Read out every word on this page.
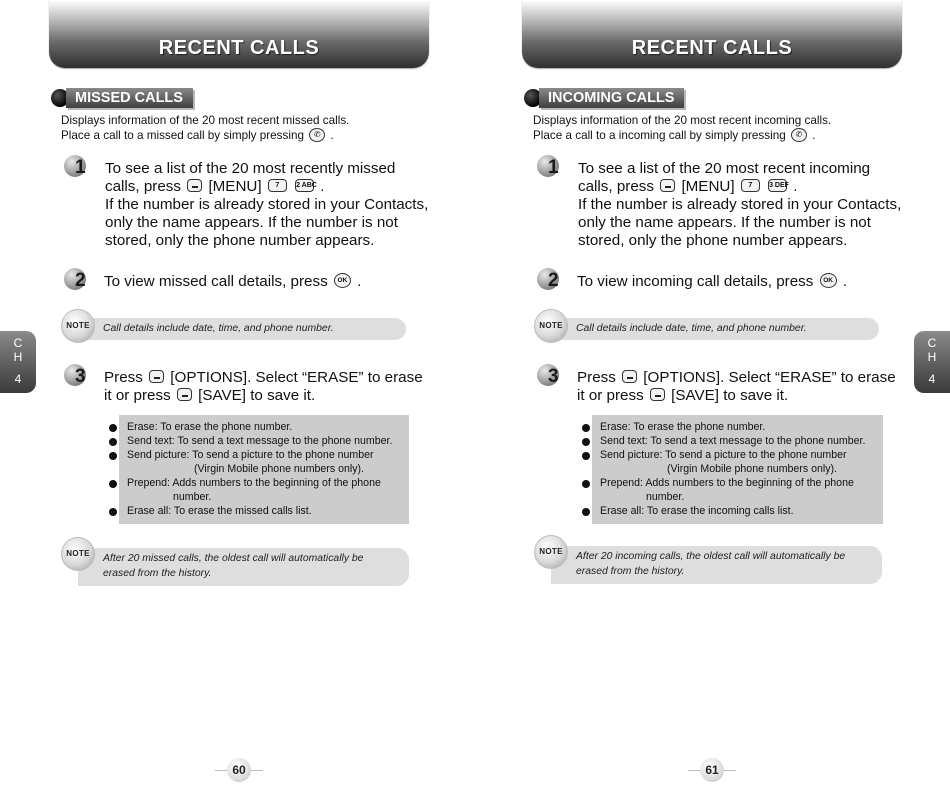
RECENT CALLS
MISSED CALLS
Displays information of the 20 most recent missed calls.
Place a call to a missed call by simply pressing ✆ .
1 To see a list of the 20 most recently missed
calls, press [MENU] 7 2 ABC .
If the number is already stored in your Contacts,
only the name appears. If the number is not
stored, only the phone number appears.
2 To view missed call details, press OK .
Call details include date, time, and phone number.
NOTE
3 Press [OPTIONS]. Select “ERASE” to erase
it or press [SAVE] to save it.
Erase: To erase the phone number.
Send text: To send a text message to the phone number.
Send picture: To send a picture to the phone number
(Virgin Mobile phone numbers only).
Prepend: Adds numbers to the beginning of the phone
number.
Erase all: To erase the missed calls list.
After 20 missed calls, the oldest call will automatically be
erased from the history.
NOTE
60
RECENT CALLS
INCOMING CALLS
Displays information of the 20 most recent incoming calls.
Place a call to a incoming call by simply pressing ✆ .
1 To see a list of the 20 most recent incoming
calls, press [MENU] 7 3 DEF .
If the number is already stored in your Contacts,
only the name appears. If the number is not
stored, only the phone number appears.
2 To view incoming call details, press OK .
Call details include date, time, and phone number.
NOTE
3 Press [OPTIONS]. Select “ERASE” to erase
it or press [SAVE] to save it.
Erase: To erase the phone number.
Send text: To send a text message to the phone number.
Send picture: To send a picture to the phone number
(Virgin Mobile phone numbers only).
Prepend: Adds numbers to the beginning of the phone
number.
Erase all: To erase the incoming calls list.
After 20 incoming calls, the oldest call will automatically be
erased from the history.
NOTE
61
C
H
4
C
H
4
